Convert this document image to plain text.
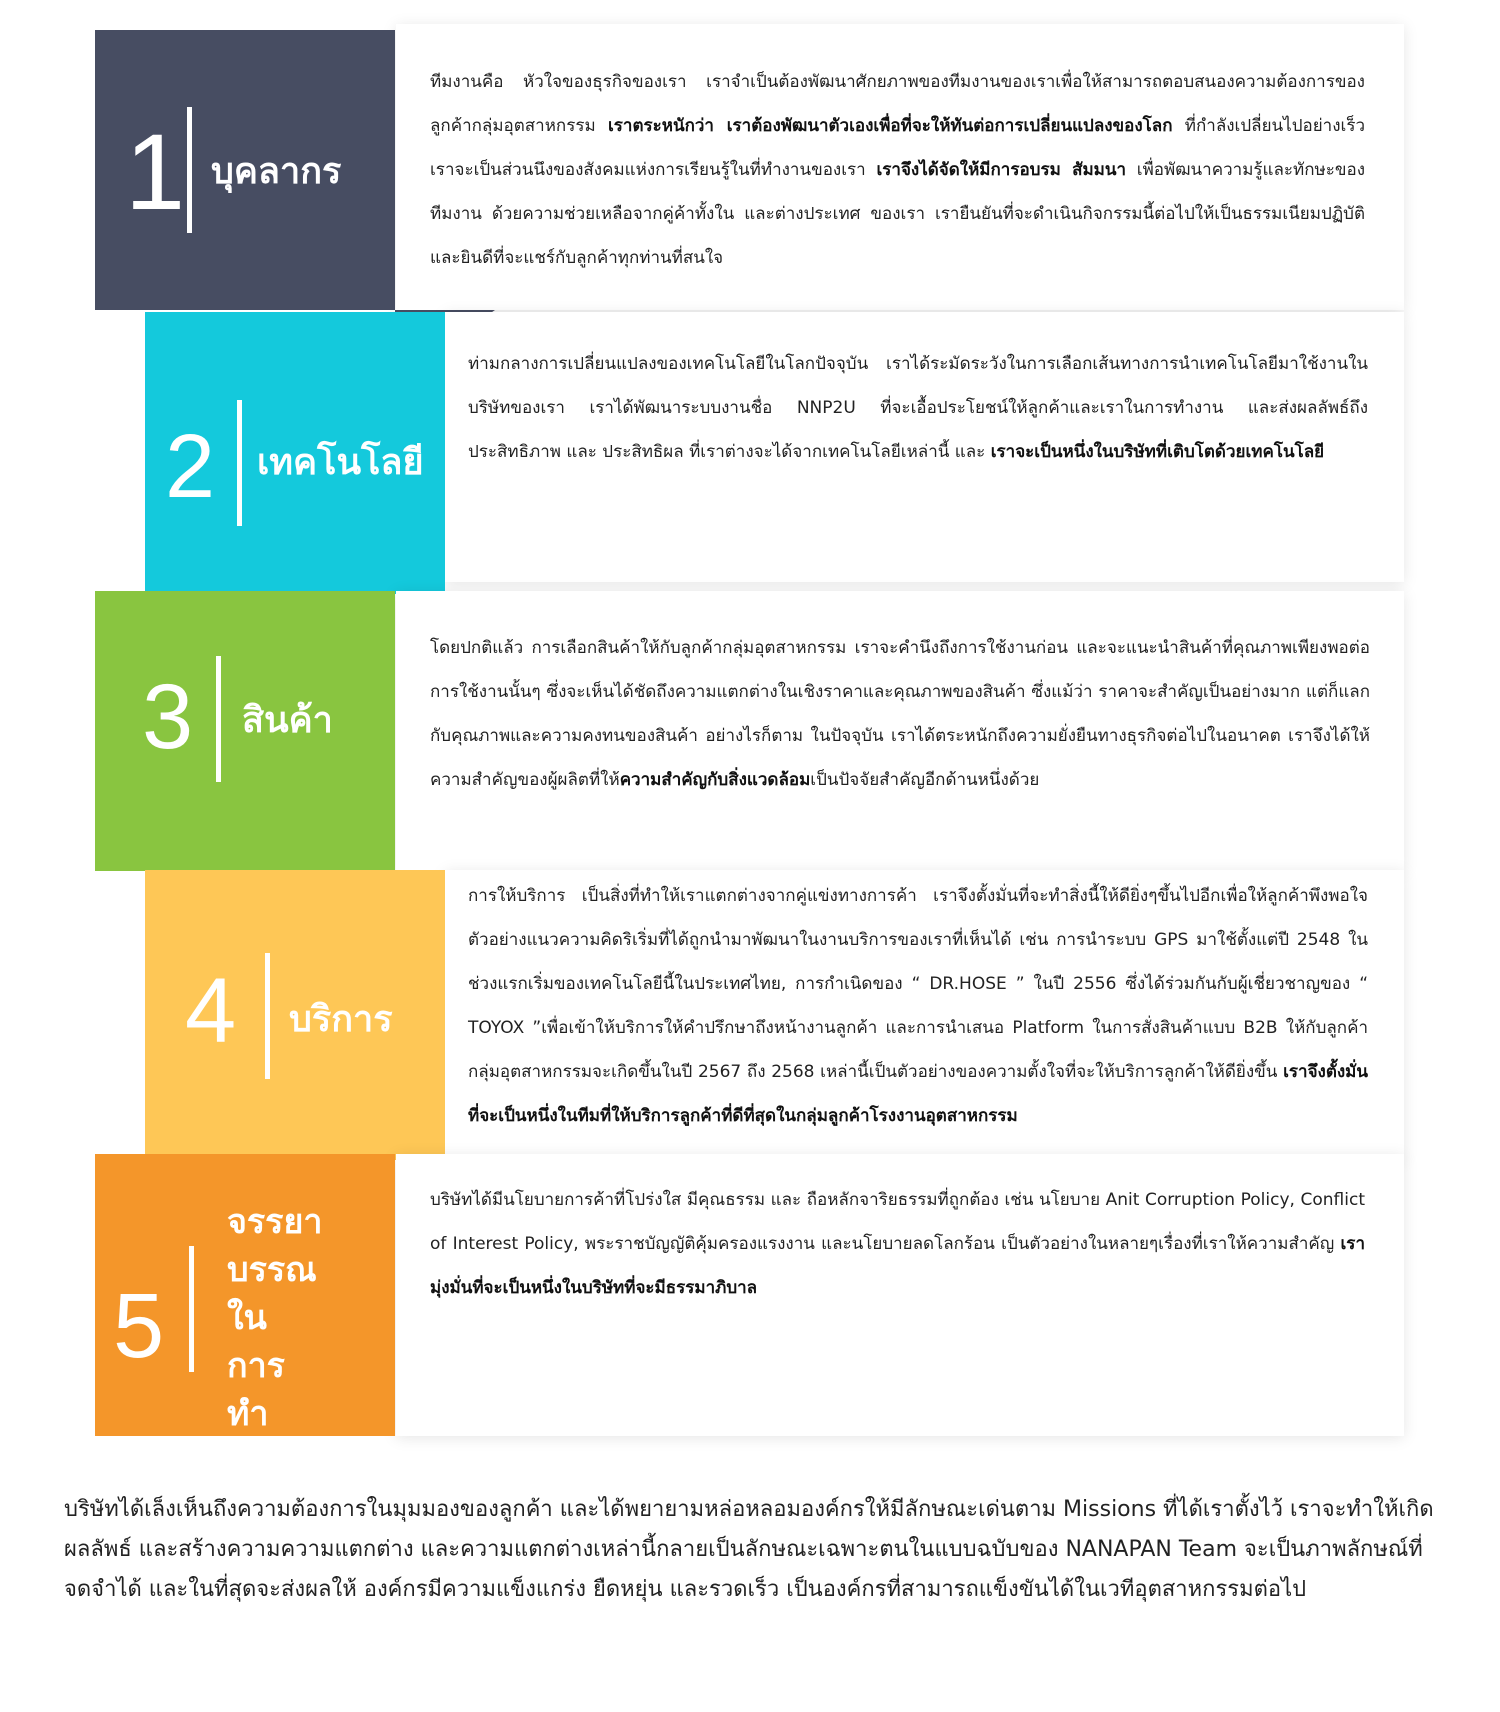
1 บุคลากร
ทีมงานคือ หัวใจของธุรกิจของเรา เราจำเป็นต้องพัฒนาศักยภาพของทีมงานของเราเพื่อให้สามารถตอบสนองความต้องการของลูกค้ากลุ่มอุตสาหกรรม เราตระหนักว่า เราต้องพัฒนาตัวเองเพื่อที่จะให้ทันต่อการเปลี่ยนแปลงของโลก ที่กำลังเปลี่ยนไปอย่างเร็ว เราจะเป็นส่วนนึงของสังคมแห่งการเรียนรู้ในที่ทำงานของเรา เราจึงได้จัดให้มีการอบรม สัมมนา เพื่อพัฒนาความรู้และทักษะของทีมงาน ด้วยความช่วยเหลือจากคู่ค้าทั้งใน และต่างประเทศ ของเรา เรายืนยันที่จะดำเนินกิจกรรมนี้ต่อไปให้เป็นธรรมเนียมปฏิบัติ และยินดีที่จะแชร์กับลูกค้าทุกท่านที่สนใจ
2 เทคโนโลยี
ท่ามกลางการเปลี่ยนแปลงของเทคโนโลยีในโลกปัจจุบัน เราได้ระมัดระวังในการเลือกเส้นทางการนำเทคโนโลยีมาใช้งานในบริษัทของเรา เราได้พัฒนาระบบงานชื่อ NNP2U ที่จะเอื้อประโยชน์ให้ลูกค้าและเราในการทำงาน และส่งผลลัพธ์ถึงประสิทธิภาพ และ ประสิทธิผล ที่เราต่างจะได้จากเทคโนโลยีเหล่านี้ และ เราจะเป็นหนึ่งในบริษัทที่เติบโตด้วยเทคโนโลยี
3 สินค้า
โดยปกติแล้ว การเลือกสินค้าให้กับลูกค้ากลุ่มอุตสาหกรรม เราจะคำนึงถึงการใช้งานก่อน และจะแนะนำสินค้าที่คุณภาพเพียงพอต่อการใช้งานนั้นๆ ซึ่งจะเห็นได้ชัดถึงความแตกต่างในเชิงราคาและคุณภาพของสินค้า ซึ่งแม้ว่า ราคาจะสำคัญเป็นอย่างมาก แต่ก็แลกกับคุณภาพและความคงทนของสินค้า อย่างไรก็ตาม ในปัจจุบัน เราได้ตระหนักถึงความยั่งยืนทางธุรกิจต่อไปในอนาคต เราจึงได้ให้ความสำคัญของผู้ผลิตที่ให้ความสำคัญกับสิ่งแวดล้อมเป็นปัจจัยสำคัญอีกด้านหนึ่งด้วย
4 บริการ
การให้บริการ เป็นสิ่งที่ทำให้เราแตกต่างจากคู่แข่งทางการค้า เราจึงตั้งมั่นที่จะทำสิ่งนี้ให้ดียิ่งๆขึ้นไปอีกเพื่อให้ลูกค้าพึงพอใจ ตัวอย่างแนวความคิดริเริ่มที่ได้ถูกนำมาพัฒนาในงานบริการของเราที่เห็นได้ เช่น การนำระบบ GPS มาใช้ตั้งแต่ปี 2548 ในช่วงแรกเริ่มของเทคโนโลยีนี้ในประเทศไทย, การกำเนิดของ “ DR.HOSE ” ในปี 2556 ซึ่งได้ร่วมกันกับผู้เชี่ยวชาญของ “ TOYOX ”เพื่อเข้าให้บริการให้คำปรึกษาถึงหน้างานลูกค้า และการนำเสนอ Platform ในการสั่งสินค้าแบบ B2B ให้กับลูกค้ากลุ่มอุตสาหกรรมจะเกิดขึ้นในปี 2567 ถึง 2568 เหล่านี้เป็นตัวอย่างของความตั้งใจที่จะให้บริการลูกค้าให้ดียิ่งขึ้น เราจึงตั้งมั่นที่จะเป็นหนึ่งในทีมที่ให้บริการลูกค้าที่ดีที่สุดในกลุ่มลูกค้าโรงงานอุตสาหกรรม
5
จรรยา
บรรณ
ในการ
ทำธุรกิจ
บริษัทได้มีนโยบายการค้าที่โปร่งใส มีคุณธรรม และ ถือหลักจาริยธรรมที่ถูกต้อง เช่น นโยบาย Anit Corruption Policy, Conflict of Interest Policy, พระราชบัญญัติคุ้มครองแรงงาน และนโยบายลดโลกร้อน เป็นตัวอย่างในหลายๆเรื่องที่เราให้ความสำคัญ เรามุ่งมั่นที่จะเป็นหนึ่งในบริษัทที่จะมีธรรมาภิบาล
บริษัทได้เล็งเห็นถึงความต้องการในมุมมองของลูกค้า และได้พยายามหล่อหลอมองค์กรให้มีลักษณะเด่นตาม Missions ที่ได้เราตั้งไว้ เราจะทำให้เกิดผลลัพธ์ และสร้างความความแตกต่าง และความแตกต่างเหล่านี้กลายเป็นลักษณะเฉพาะตนในแบบฉบับของ NANAPAN Team จะเป็นภาพลักษณ์ที่จดจำได้ และในที่สุดจะส่งผลให้ องค์กรมีความแข็งแกร่ง ยืดหยุ่น และรวดเร็ว เป็นองค์กรที่สามารถแข็งขันได้ในเวทีอุตสาหกรรมต่อไป
